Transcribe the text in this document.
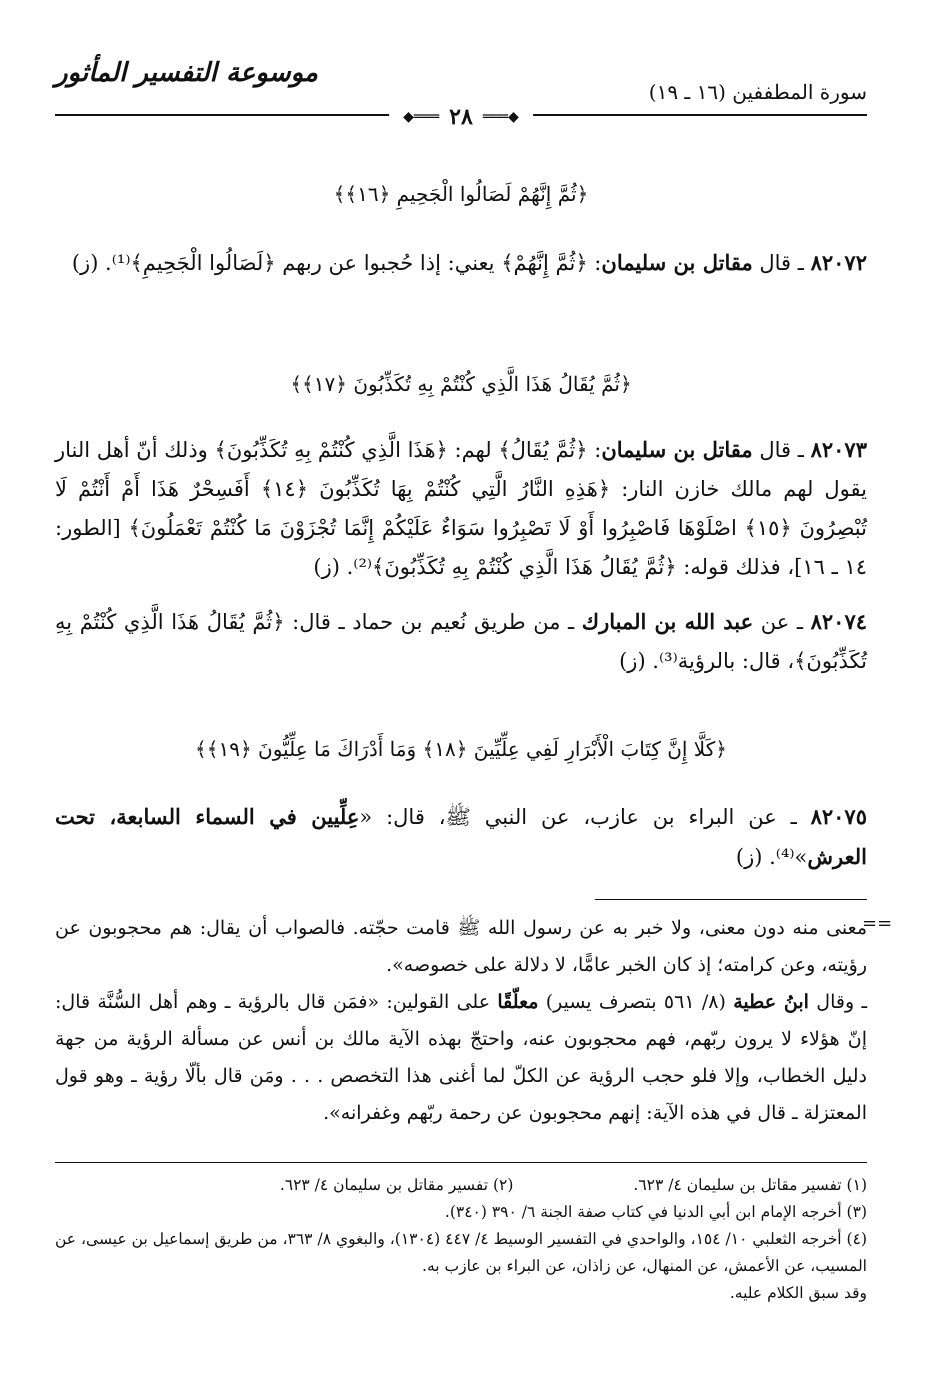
موسوعة التفسير المأثور
سورة المطففين (١٦ ـ ١٩)
◆═══ ٢٨ ═══◆
﴿ثُمَّ إِنَّهُمْ لَصَالُوا الْجَحِيمِ ﴿١٦﴾﴾
٨٢٠٧٢ ـ قال مقاتل بن سليمان: ﴿ثُمَّ إِنَّهُمْ﴾ يعني: إذا حُجبوا عن ربهم ﴿لَصَالُوا الْجَحِيمِ﴾⁽¹⁾. (ز)
﴿ثُمَّ يُقَالُ هَذَا الَّذِي كُنْتُمْ بِهِ تُكَذِّبُونَ ﴿١٧﴾﴾
٨٢٠٧٣ ـ قال مقاتل بن سليمان: ﴿ثُمَّ يُقَالُ﴾ لهم: ﴿هَذَا الَّذِي كُنْتُمْ بِهِ تُكَذِّبُونَ﴾ وذلك أنّ أهل النار يقول لهم مالك خازن النار: ﴿هَذِهِ النَّارُ الَّتِي كُنْتُمْ بِهَا تُكَذِّبُونَ ﴿١٤﴾ أَفَسِحْرٌ هَذَا أَمْ أَنْتُمْ لَا تُبْصِرُونَ ﴿١٥﴾ اصْلَوْهَا فَاصْبِرُوا أَوْ لَا تَصْبِرُوا سَوَاءٌ عَلَيْكُمْ إِنَّمَا تُجْزَوْنَ مَا كُنْتُمْ تَعْمَلُونَ﴾ [الطور: ١٤ ـ ١٦]، فذلك قوله: ﴿ثُمَّ يُقَالُ هَذَا الَّذِي كُنْتُمْ بِهِ تُكَذِّبُونَ﴾⁽²⁾. (ز)
٨٢٠٧٤ ـ عن عبد الله بن المبارك ـ من طريق نُعيم بن حماد ـ قال: ﴿ثُمَّ يُقَالُ هَذَا الَّذِي كُنْتُمْ بِهِ تُكَذِّبُونَ﴾، قال: بالرؤية⁽³⁾. (ز)
﴿كَلَّا إِنَّ كِتَابَ الْأَبْرَارِ لَفِي عِلِّيِّينَ ﴿١٨﴾ وَمَا أَدْرَاكَ مَا عِلِّيُّونَ ﴿١٩﴾﴾
٨٢٠٧٥ ـ عن البراء بن عازب، عن النبي ﷺ، قال: «عِلِّيين في السماء السابعة، تحت العرش»⁽⁴⁾. (ز)
==
معنى منه دون معنى، ولا خبر به عن رسول الله ﷺ قامت حجّته. فالصواب أن يقال: هم محجوبون عن رؤيته، وعن كرامته؛ إذ كان الخبر عامًّا، لا دلالة على خصوصه».
ـ وقال ابنُ عطية (٨/ ٥٦١ بتصرف يسير) معلّقًا على القولين: «فمَن قال بالرؤية ـ وهم أهل السُّنَّة قال: إنّ هؤلاء لا يرون ربّهم، فهم محجوبون عنه، واحتجّ بهذه الآية مالك بن أنس عن مسألة الرؤية من جهة دليل الخطاب، وإلا فلو حجب الرؤية عن الكلّ لما أغنى هذا التخصص . . . ومَن قال بألّا رؤية ـ وهو قول المعتزلة ـ قال في هذه الآية: إنهم محجوبون عن رحمة ربّهم وغفرانه».
(١) تفسير مقاتل بن سليمان ٤/ ٦٢٣.
(٢) تفسير مقاتل بن سليمان ٤/ ٦٢٣.
(٣) أخرجه الإمام ابن أبي الدنيا في كتاب صفة الجنة ٦/ ٣٩٠ (٣٤٠).
(٤) أخرجه الثعلبي ١٠/ ١٥٤، والواحدي في التفسير الوسيط ٤/ ٤٤٧ (١٣٠٤)، والبغوي ٨/ ٣٦٣، من طريق إسماعيل بن عيسى، عن المسيب، عن الأعمش، عن المنهال، عن زاذان، عن البراء بن عازب به.
وقد سبق الكلام عليه.
